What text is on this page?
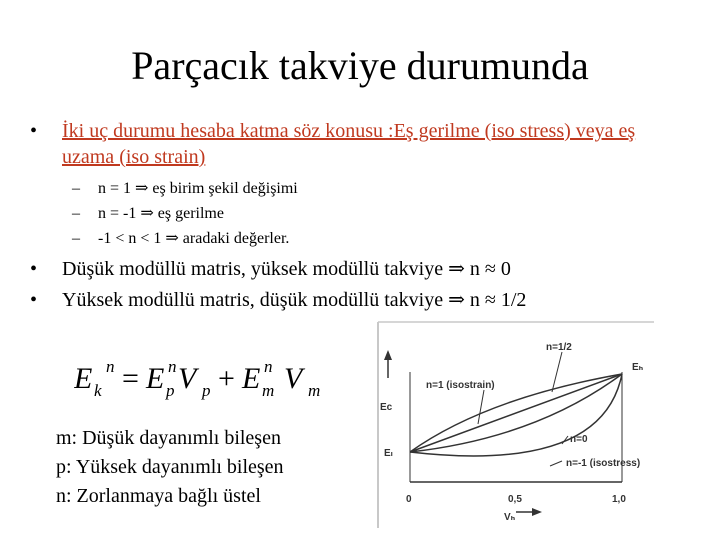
Parçacık takviye durumunda
• İki uç durumu hesaba katma söz konusu :Eş gerilme (iso stress) veya eş uzama (iso strain)
– n = 1 ⇒ eş birim şekil değişimi
– n = -1 ⇒ eş gerilme
– -1 < n < 1 ⇒ aradaki değerler.
• Düşük modüllü matris, yüksek modüllü takviye ⇒ n ≈ 0
• Yüksek modüllü matris, düşük modüllü takviye ⇒ n ≈ 1/2
E k
n = E p
n V p + E m
n V m
m: Düşük dayanımlı bileşen
p: Yüksek dayanımlı bileşen
n: Zorlanmaya bağlı üstel
n=1/2
n=1 (isostrain)
n=0
n=-1 (isostress)
Eₕ
Eᴄ
Eₗ
0	0,5	1,0
Vₕ
